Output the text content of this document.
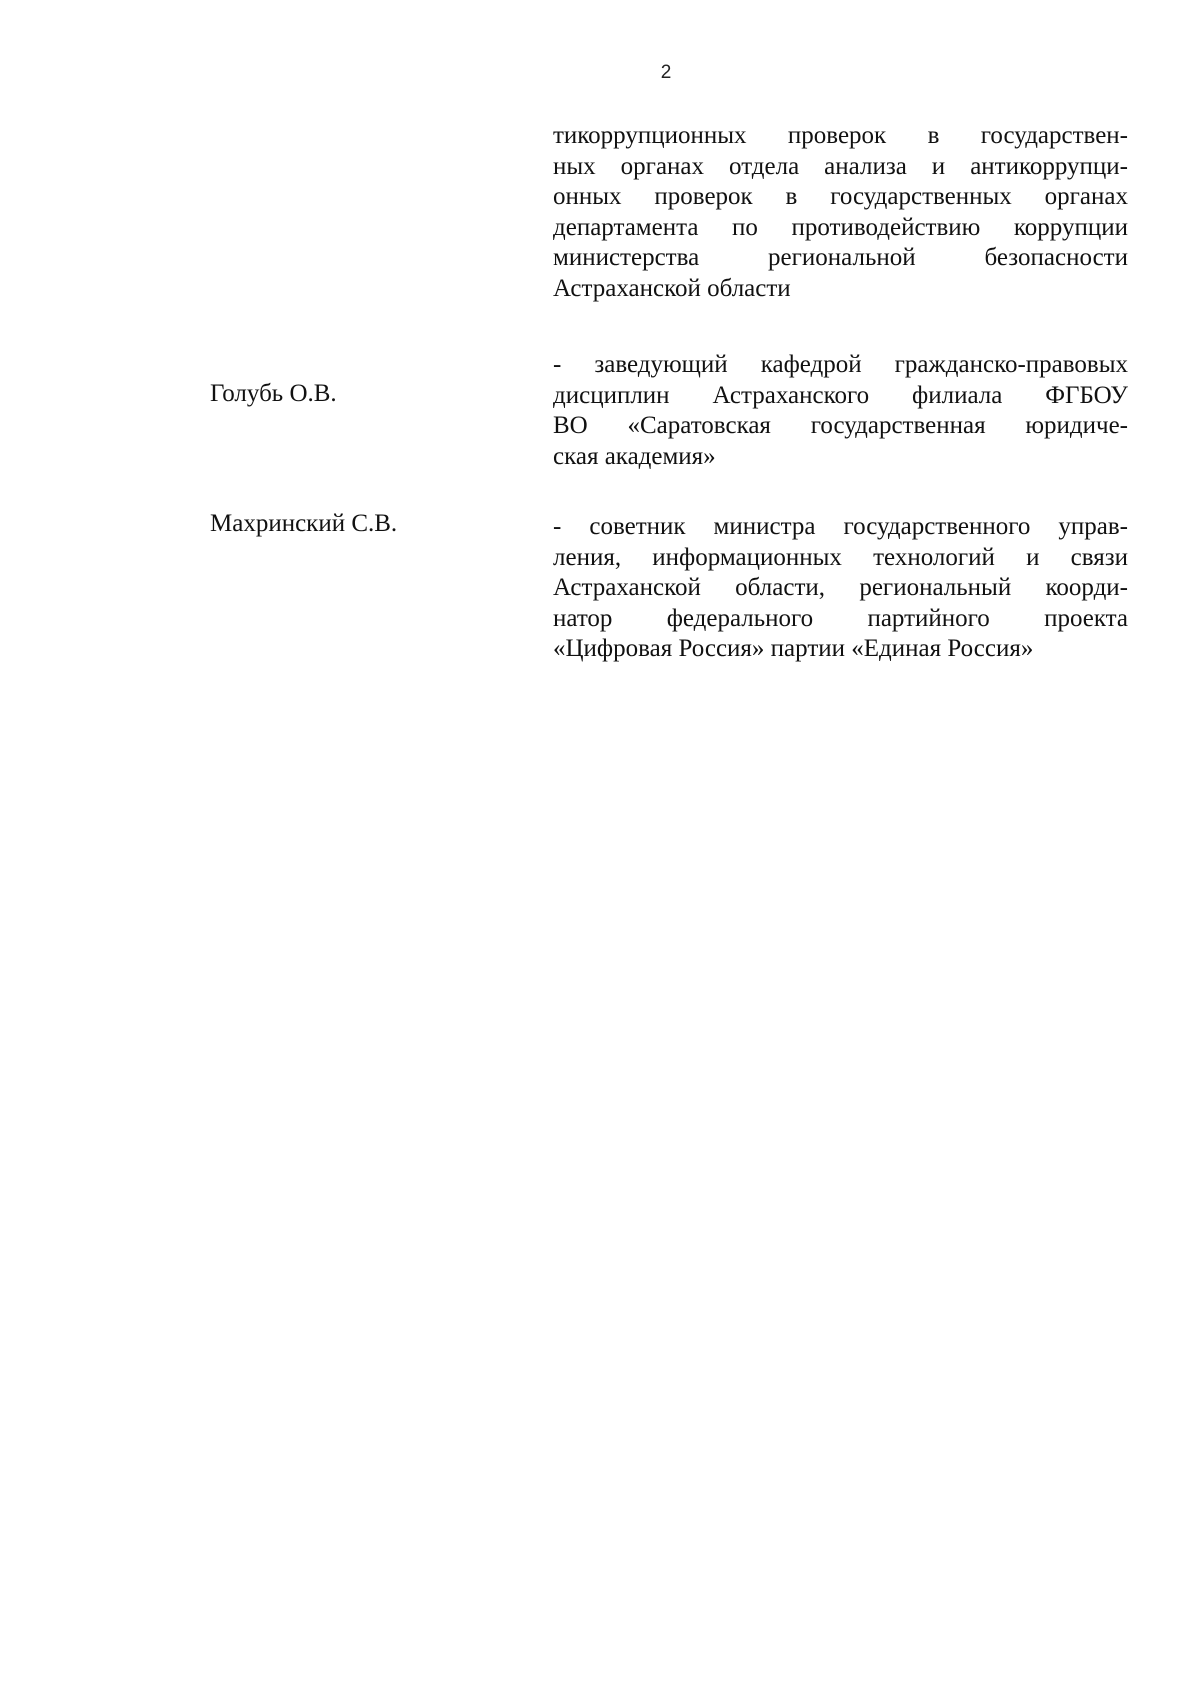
2
тикоррупционных проверок в государствен-
ных органах отдела анализа и антикоррупци-
онных проверок в государственных органах
департамента по противодействию коррупции
министерства региональной безопасности
Астраханской области
Голубь О.В.
- заведующий кафедрой гражданско-правовых
дисциплин Астраханского филиала ФГБОУ
ВО «Саратовская государственная юридиче-
ская академия»
Махринский С.В.	- советник министра государственного управ-
ления, информационных технологий и связи
Астраханской области, региональный коорди-
натор федерального партийного проекта
«Цифровая Россия» партии «Единая Россия»
